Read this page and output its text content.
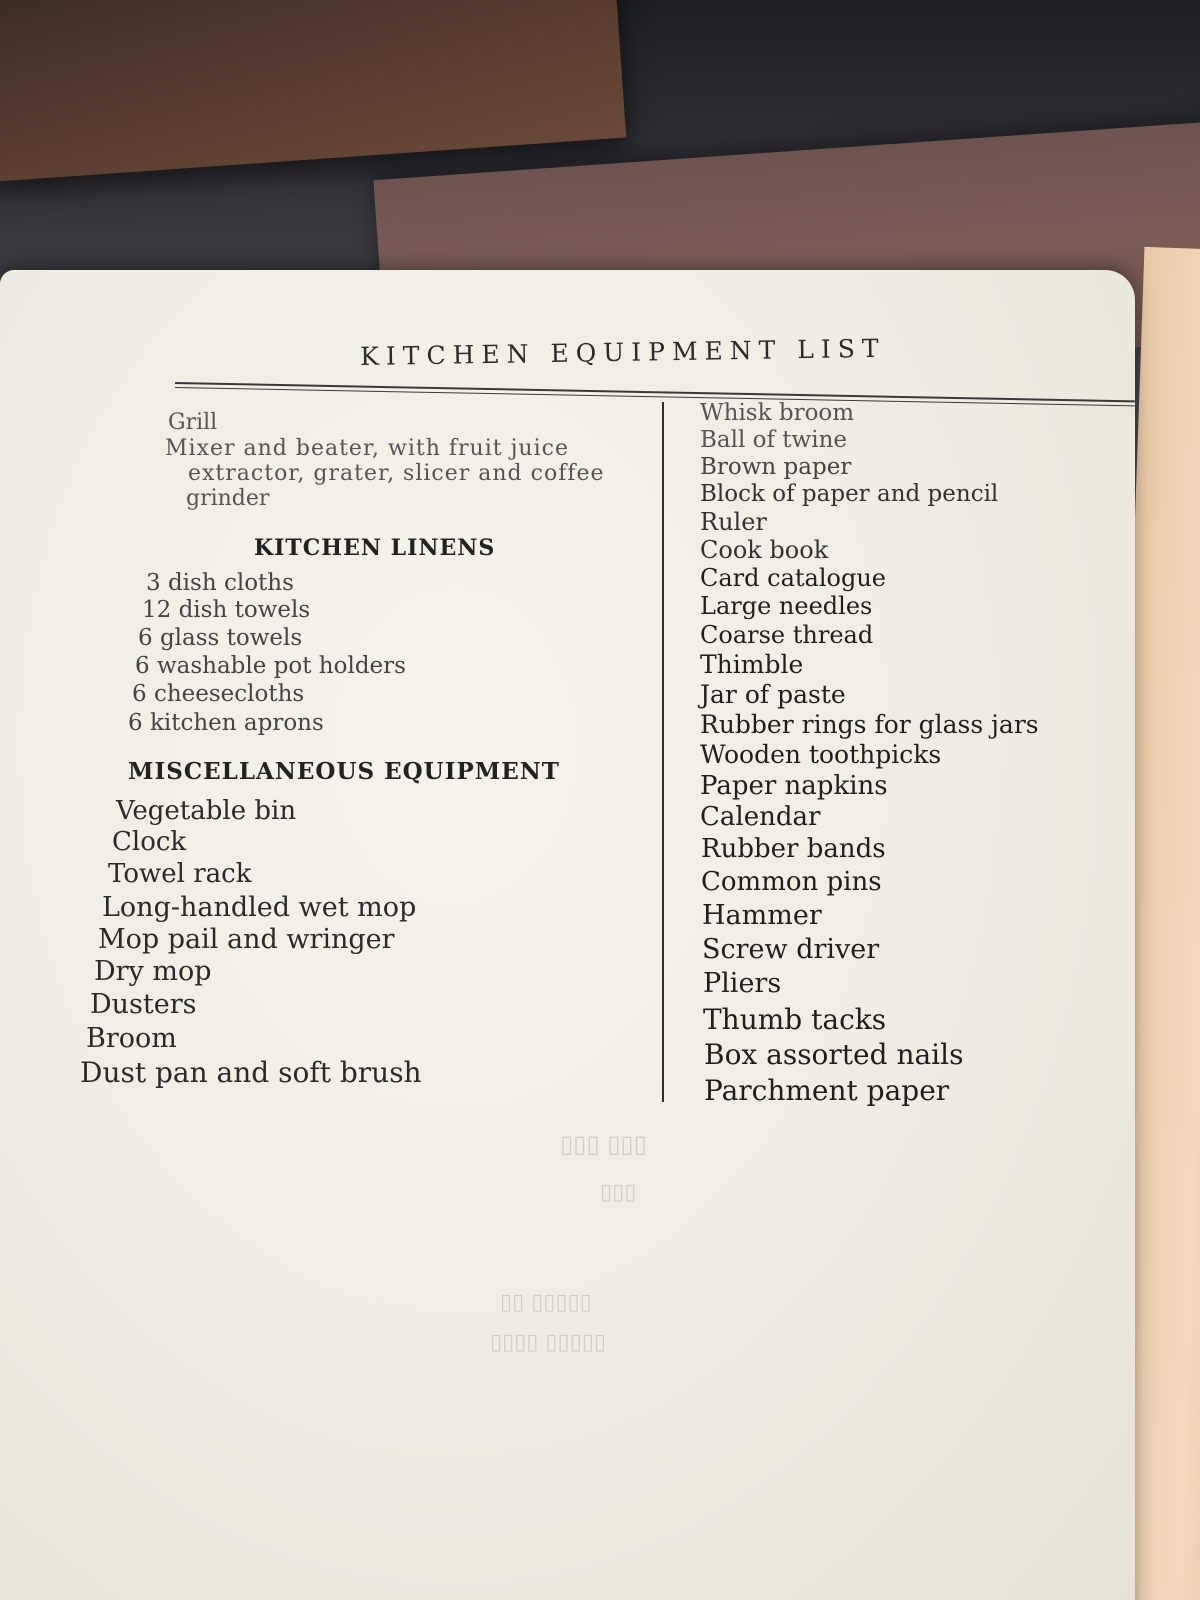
KITCHEN EQUIPMENT LIST
Grill
Mixer and beater, with fruit juice
extractor, grater, slicer and coffee
grinder
KITCHEN LINENS
3 dish cloths
12 dish towels
6 glass towels
6 washable pot holders
6 cheesecloths
6 kitchen aprons
MISCELLANEOUS EQUIPMENT
Vegetable bin
Clock
Towel rack
Long-handled wet mop
Mop pail and wringer
Dry mop
Dusters
Broom
Dust pan and soft brush
Whisk broom
Ball of twine
Brown paper
Block of paper and pencil
Ruler
Cook book
Card catalogue
Large needles
Coarse thread
Thimble
Jar of paste
Rubber rings for glass jars
Wooden toothpicks
Paper napkins
Calendar
Rubber bands
Common pins
Hammer
Screw driver
Pliers
Thumb tacks
Box assorted nails
Parchment paper
▯▯▯ ▯▯▯
▯▯▯
▯▯▯▯▯ ▯▯
▯▯▯▯▯ ▯▯▯▯
